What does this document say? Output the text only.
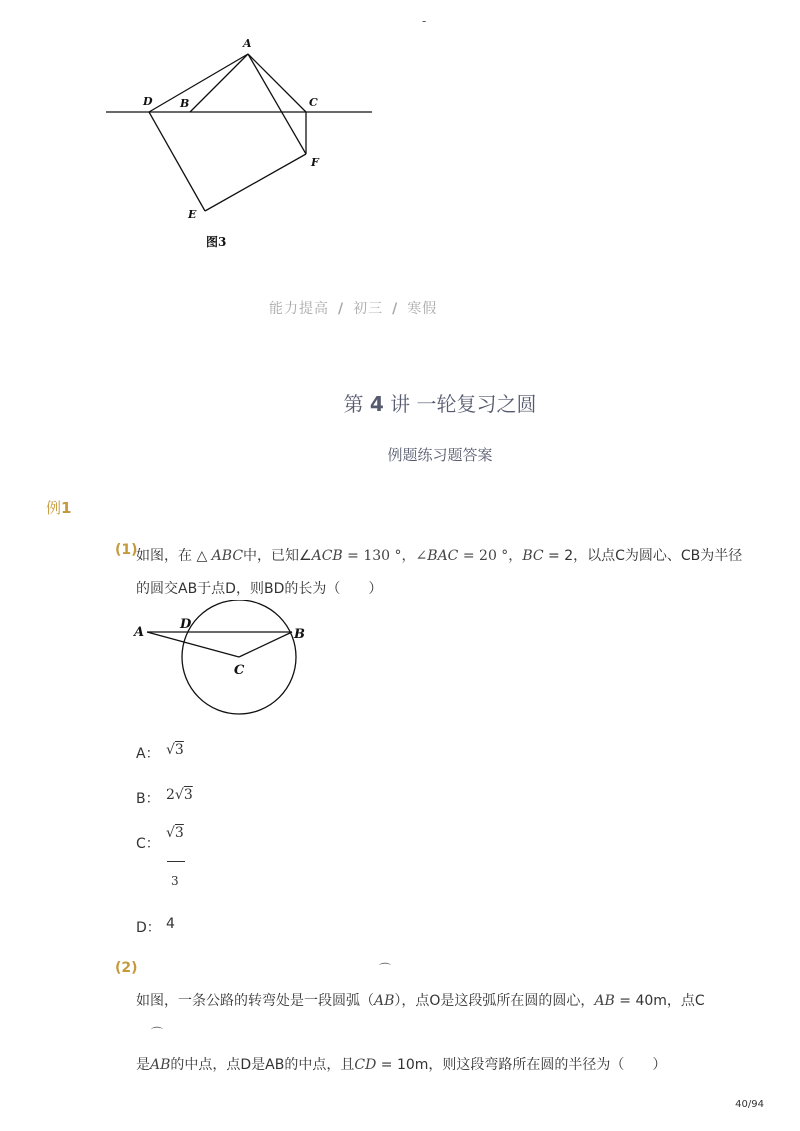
-
A
D B	C
F
E
图3
能力提高 / 初三 / 寒假
第 4 讲 一轮复习之圆
例题练习题答案
例1
(1)
如图，在 △ ABC中，已知∠ACB = 130 °，∠BAC = 20 °，BC = 2，以点C为圆心、CB为半径
的圆交AB于点D，则BD的长为（　　）
A
D
B
C
A： √3
B： 2√3
C：
√3
3
D： 4
(2)	⌒
如图，一条公路的转弯处是一段圆弧（AB），点O是这段弧所在圆的圆心，AB = 40m，点C
⌒
是AB的中点，点D是AB的中点，且CD = 10m，则这段弯路所在圆的半径为（　　）
40/94
